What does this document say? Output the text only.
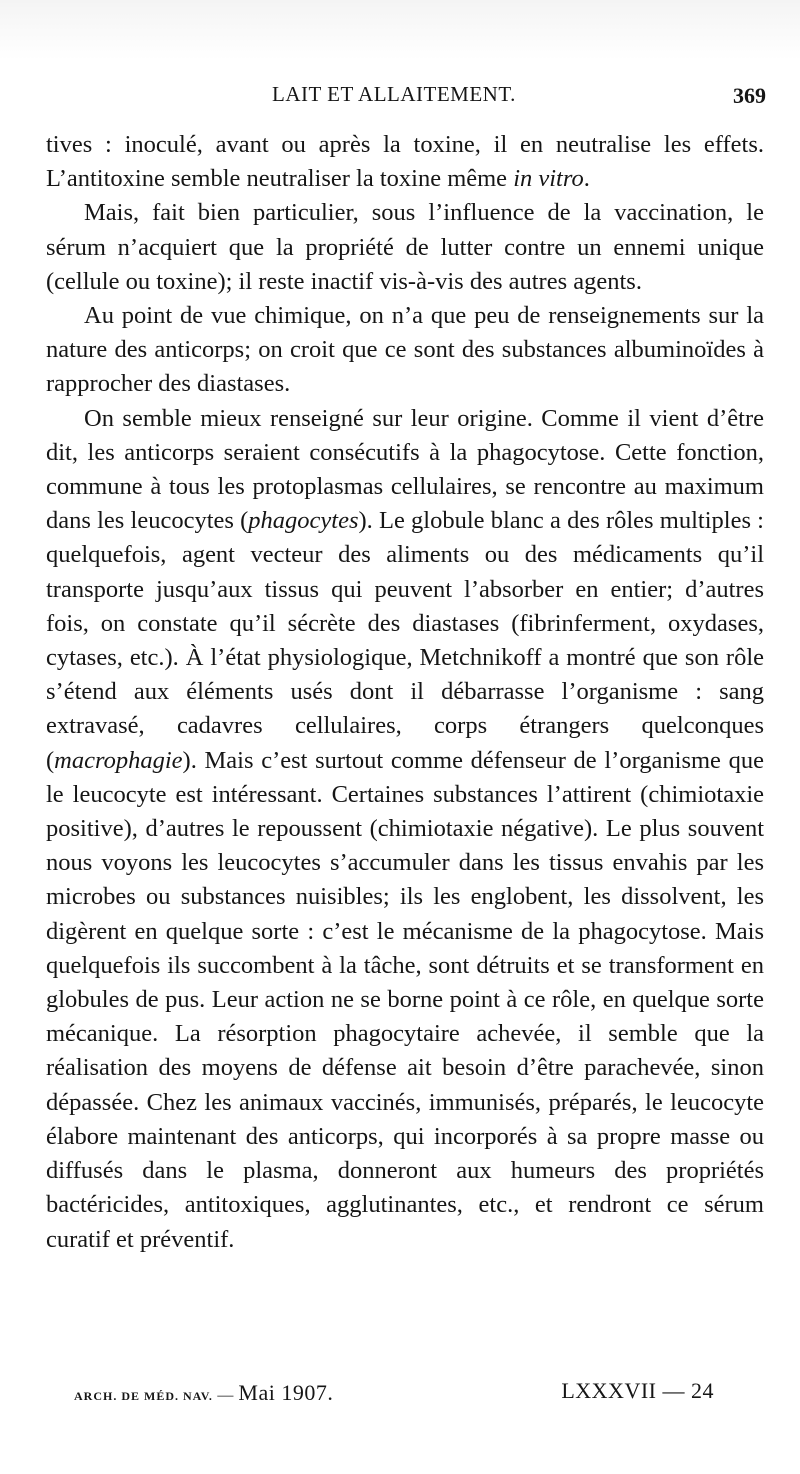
LAIT ET ALLAITEMENT.	369

tives : inoculé, avant ou après la toxine, il en neutralise les effets. L’antitoxine semble neutraliser la toxine même in vitro.

Mais, fait bien particulier, sous l’influence de la vaccination, le sérum n’acquiert que la propriété de lutter contre un ennemi unique (cellule ou toxine); il reste inactif vis-à-vis des autres agents.

Au point de vue chimique, on n’a que peu de renseignements sur la nature des anticorps; on croit que ce sont des substances albuminoïdes à rapprocher des diastases.

On semble mieux renseigné sur leur origine. Comme il vient d’être dit, les anticorps seraient consécutifs à la phagocytose. Cette fonction, commune à tous les protoplasmas cellulaires, se rencontre au maximum dans les leucocytes (phagocytes). Le globule blanc a des rôles multiples : quelquefois, agent vecteur des aliments ou des médicaments qu’il transporte jusqu’aux tissus qui peuvent l’absorber en entier; d’autres fois, on constate qu’il sécrète des diastases (fibrinferment, oxydases, cytases, etc.). À l’état physiologique, Metchnikoff a montré que son rôle s’étend aux éléments usés dont il débarrasse l’organisme : sang extravasé, cadavres cellulaires, corps étrangers quelconques (macrophagie). Mais c’est surtout comme défenseur de l’organisme que le leucocyte est intéressant. Certaines substances l’attirent (chimiotaxie positive), d’autres le repoussent (chimiotaxie négative). Le plus souvent nous voyons les leucocytes s’accumuler dans les tissus envahis par les microbes ou substances nuisibles; ils les englobent, les dissolvent, les digèrent en quelque sorte : c’est le mécanisme de la phagocytose. Mais quelquefois ils succombent à la tâche, sont détruits et se transforment en globules de pus. Leur action ne se borne point à ce rôle, en quelque sorte mécanique. La résorption phagocytaire achevée, il semble que la réalisation des moyens de défense ait besoin d’être parachevée, sinon dépassée. Chez les animaux vaccinés, immunisés, préparés, le leucocyte élabore maintenant des anticorps, qui incorporés à sa propre masse ou diffusés dans le plasma, donneront aux humeurs des propriétés bactéricides, antitoxiques, agglutinantes, etc., et rendront ce sérum curatif et préventif.

ARCH. DE MÉD. NAV. — Mai 1907.	LXXXVII — 24
